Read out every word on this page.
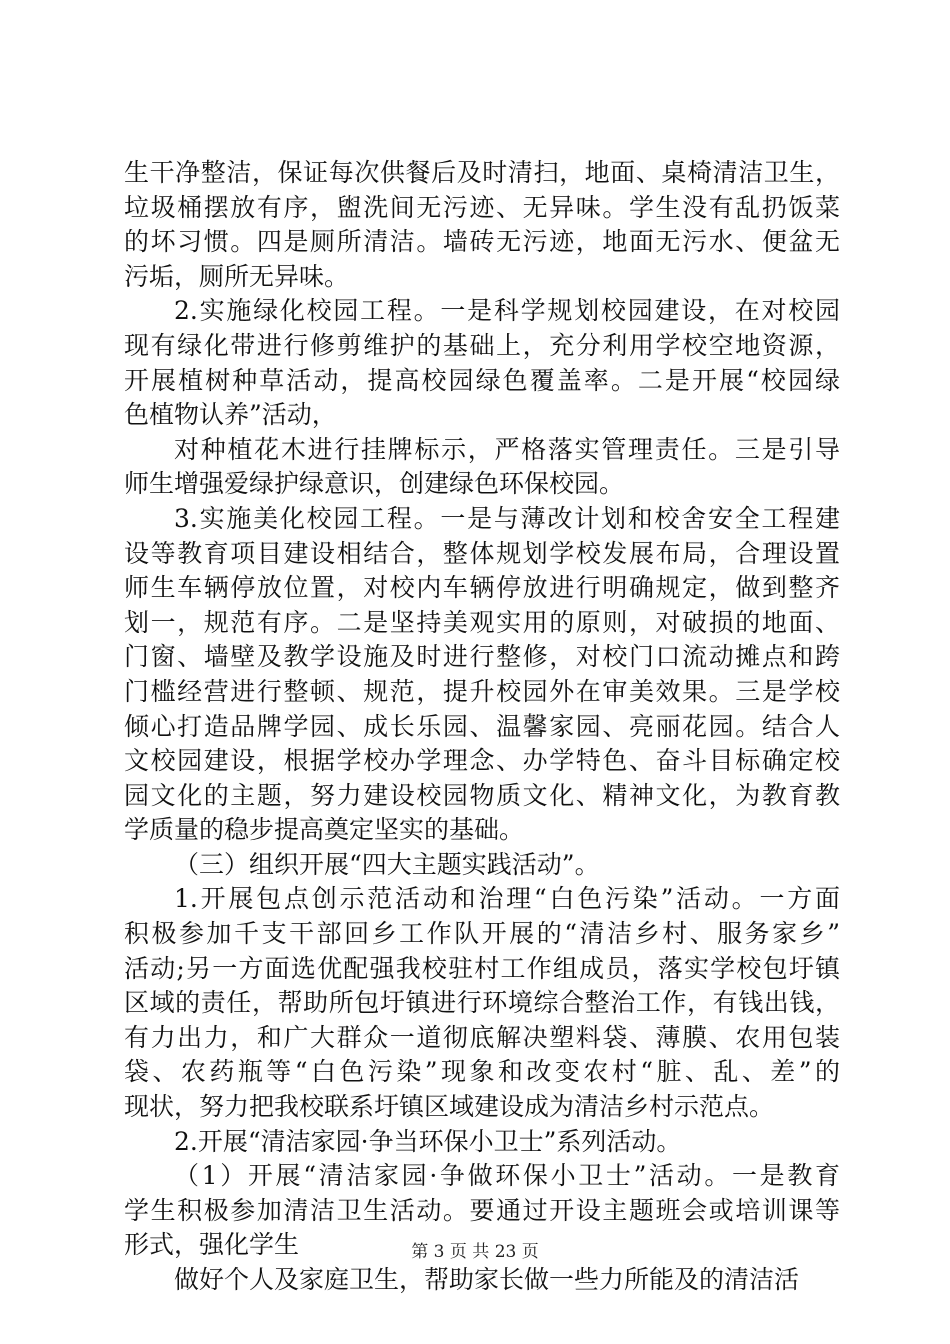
生干净整洁，保证每次供餐后及时清扫，地面、桌椅清洁卫生，
垃圾桶摆放有序，盥洗间无污迹、无异味。学生没有乱扔饭菜
的坏习惯。四是厕所清洁。墙砖无污迹，地面无污水、便盆无
污垢，厕所无异味。
2.实施绿化校园工程。一是科学规划校园建设，在对校园
现有绿化带进行修剪维护的基础上，充分利用学校空地资源，
开展植树种草活动，提高校园绿色覆盖率。二是开展“校园绿
色植物认养”活动，
对种植花木进行挂牌标示，严格落实管理责任。三是引导
师生增强爱绿护绿意识，创建绿色环保校园。
3.实施美化校园工程。一是与薄改计划和校舍安全工程建
设等教育项目建设相结合，整体规划学校发展布局，合理设置
师生车辆停放位置，对校内车辆停放进行明确规定，做到整齐
划一，规范有序。二是坚持美观实用的原则，对破损的地面、
门窗、墙壁及教学设施及时进行整修，对校门口流动摊点和跨
门槛经营进行整顿、规范，提升校园外在审美效果。三是学校
倾心打造品牌学园、成长乐园、温馨家园、亮丽花园。结合人
文校园建设，根据学校办学理念、办学特色、奋斗目标确定校
园文化的主题，努力建设校园物质文化、精神文化，为教育教
学质量的稳步提高奠定坚实的基础。
（三）组织开展“四大主题实践活动”。
1.开展包点创示范活动和治理“白色污染”活动。一方面
积极参加千支干部回乡工作队开展的“清洁乡村、服务家乡”
活动;另一方面选优配强我校驻村工作组成员，落实学校包圩镇
区域的责任，帮助所包圩镇进行环境综合整治工作，有钱出钱，
有力出力，和广大群众一道彻底解决塑料袋、薄膜、农用包装
袋、农药瓶等“白色污染”现象和改变农村“脏、乱、差”的
现状，努力把我校联系圩镇区域建设成为清洁乡村示范点。
2.开展“清洁家园·争当环保小卫士”系列活动。
（1）开展“清洁家园·争做环保小卫士”活动。一是教育
学生积极参加清洁卫生活动。要通过开设主题班会或培训课等
形式，强化学生
做好个人及家庭卫生，帮助家长做一些力所能及的清洁活
第 3 页 共 23 页
